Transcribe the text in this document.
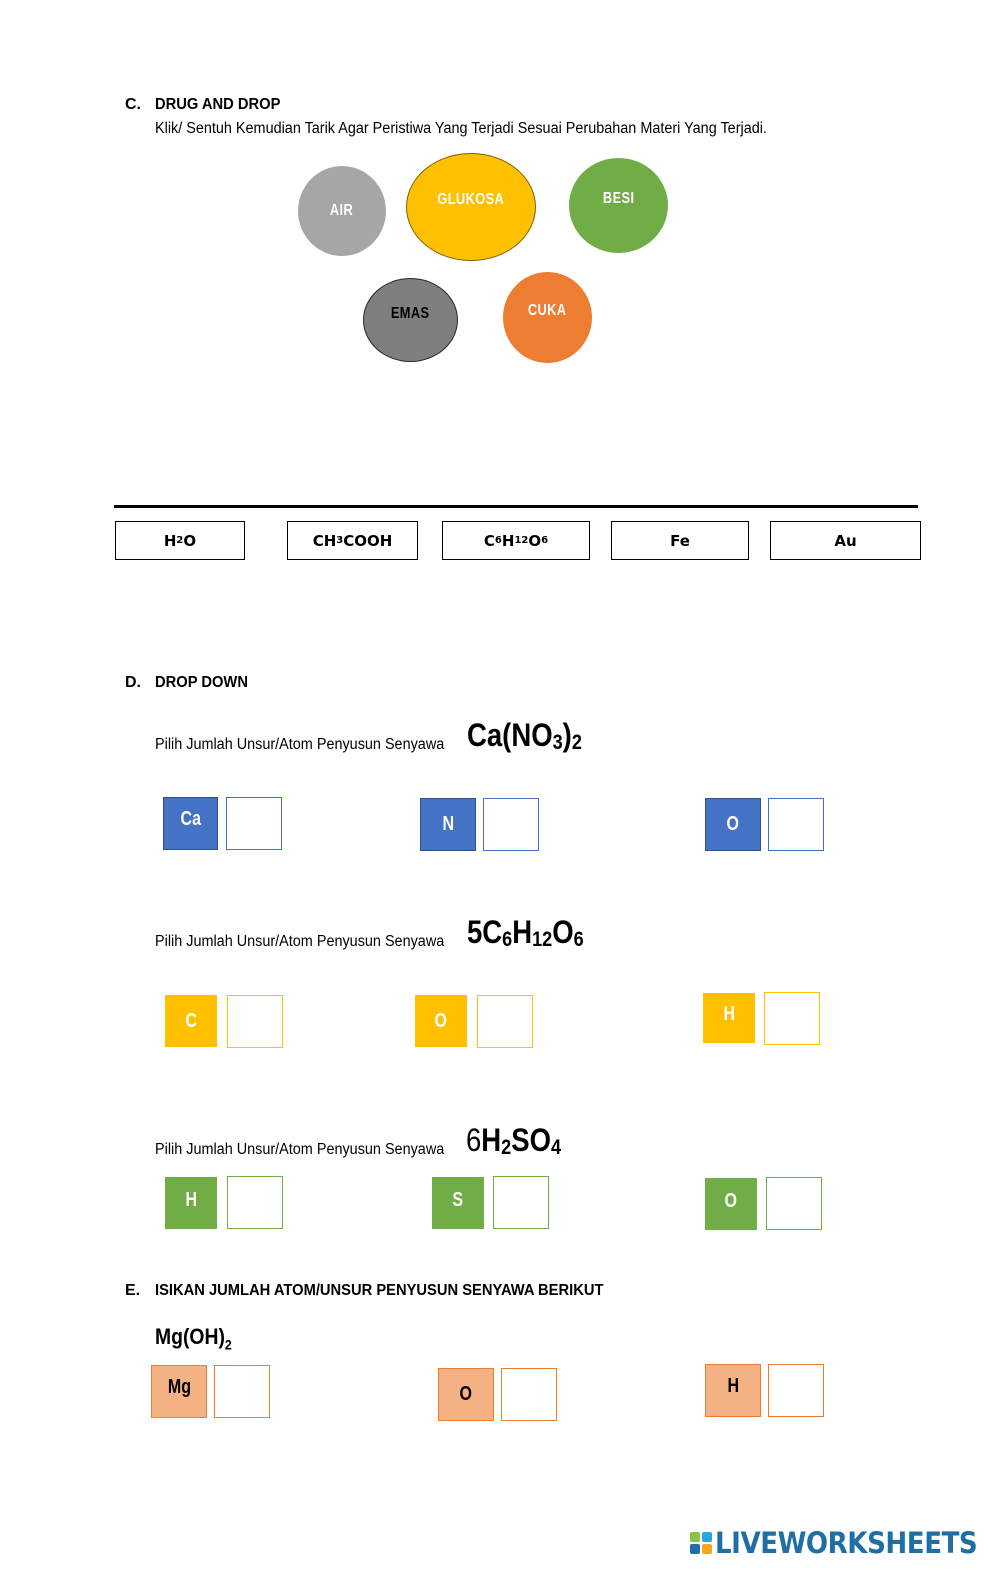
C. DRUG AND DROP
Klik/ Sentuh Kemudian Tarik Agar Peristiwa Yang Terjadi Sesuai Perubahan Materi Yang Terjadi.
AIR
GLUKOSA	BESI
EMAS	CUKA
H 2 O	CH 3 COOH	C 6 H 12 O 6	Fe	Au
D. DROP DOWN
Pilih Jumlah Unsur/Atom Penyusun Senyawa $Ca(NO_3)_2$
Ca	N	O
Pilih Jumlah Unsur/Atom Penyusun Senyawa $5C_6H_{12}O_6$
C	O	H
Pilih Jumlah Unsur/Atom Penyusun Senyawa $6H_2SO_4$
H	S	O
E. ISIKAN JUMLAH ATOM/UNSUR PENYUSUN SENYAWA BERIKUT
$Mg(OH)_2$
Mg	O	H
LIVEWORKSHEETS
